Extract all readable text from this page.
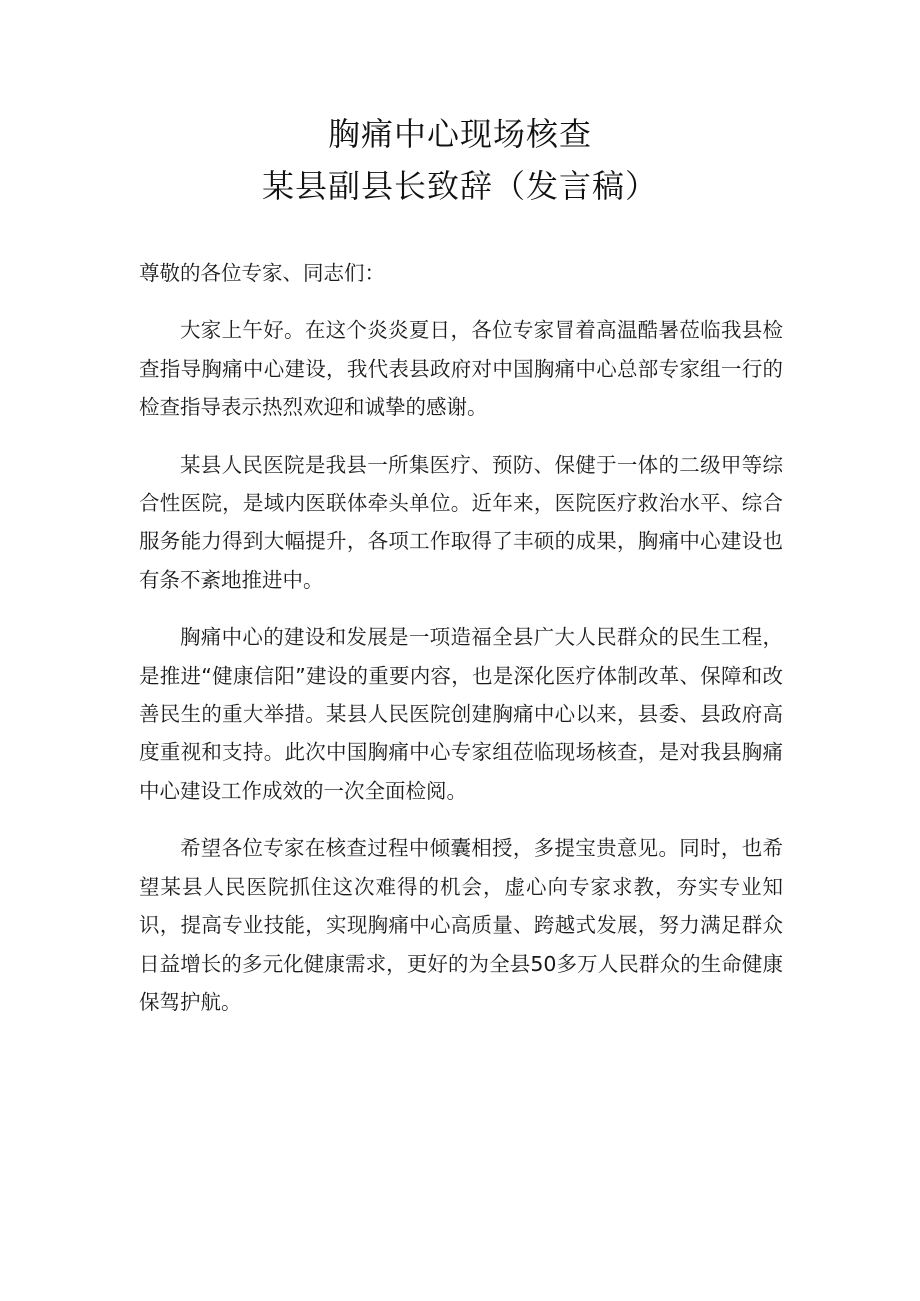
胸痛中心现场核查
某县副县长致辞（发言稿）

尊敬的各位专家、同志们：

大家上午好。在这个炎炎夏日，各位专家冒着高温酷暑莅临我县检查指导胸痛中心建设，我代表县政府对中国胸痛中心总部专家组一行的检查指导表示热烈欢迎和诚挚的感谢。

某县人民医院是我县一所集医疗、预防、保健于一体的二级甲等综合性医院，是域内医联体牵头单位。近年来，医院医疗救治水平、综合服务能力得到大幅提升，各项工作取得了丰硕的成果，胸痛中心建设也有条不紊地推进中。

胸痛中心的建设和发展是一项造福全县广大人民群众的民生工程，是推进“健康信阳”建设的重要内容，也是深化医疗体制改革、保障和改善民生的重大举措。某县人民医院创建胸痛中心以来，县委、县政府高度重视和支持。此次中国胸痛中心专家组莅临现场核查，是对我县胸痛中心建设工作成效的一次全面检阅。

希望各位专家在核查过程中倾囊相授，多提宝贵意见。同时，也希望某县人民医院抓住这次难得的机会，虚心向专家求教，夯实专业知识，提高专业技能，实现胸痛中心高质量、跨越式发展，努力满足群众日益增长的多元化健康需求，更好的为全县50多万人民群众的生命健康保驾护航。
